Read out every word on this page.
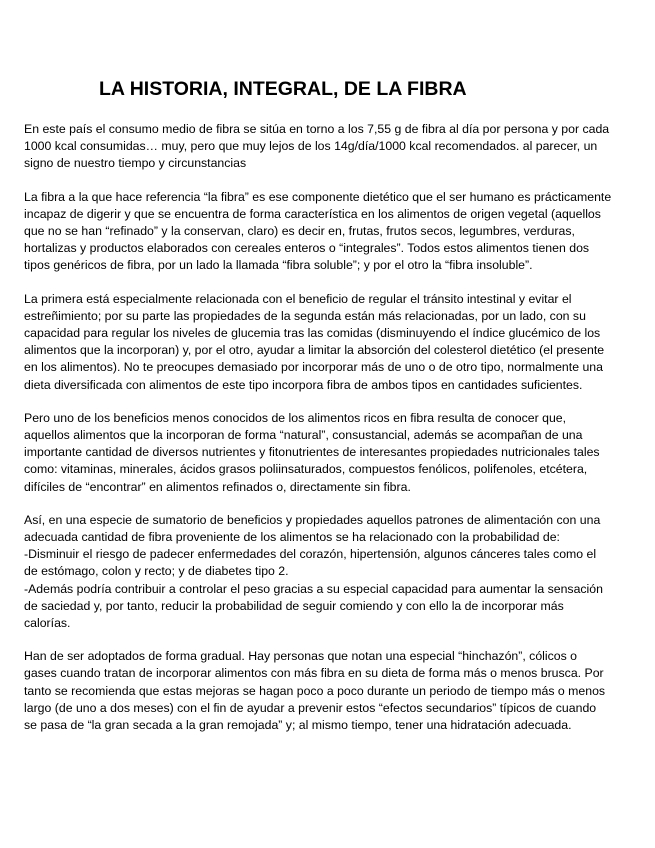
LA HISTORIA, INTEGRAL, DE LA FIBRA

En este país el consumo medio de fibra se sitúa en torno a los 7,55 g de fibra al día por persona y por cada
1000 kcal consumidas… muy, pero que muy lejos de los 14g/día/1000 kcal recomendados. al parecer, un
signo de nuestro tiempo y circunstancias

La fibra a la que hace referencia “la fibra” es ese componente dietético que el ser humano es prácticamente
incapaz de digerir y que se encuentra de forma característica en los alimentos de origen vegetal (aquellos
que no se han “refinado” y la conservan, claro) es decir en, frutas, frutos secos, legumbres, verduras,
hortalizas y productos elaborados con cereales enteros o “integrales”. Todos estos alimentos tienen dos
tipos genéricos de fibra, por un lado la llamada “fibra soluble”; y por el otro la “fibra insoluble”.

La primera está especialmente relacionada con el beneficio de regular el tránsito intestinal y evitar el
estreñimiento; por su parte las propiedades de la segunda están más relacionadas, por un lado, con su
capacidad para regular los niveles de glucemia tras las comidas (disminuyendo el índice glucémico de los
alimentos que la incorporan) y, por el otro, ayudar a limitar la absorción del colesterol dietético (el presente
en los alimentos). No te preocupes demasiado por incorporar más de uno o de otro tipo, normalmente una
dieta diversificada con alimentos de este tipo incorpora fibra de ambos tipos en cantidades suficientes.

Pero uno de los beneficios menos conocidos de los alimentos ricos en fibra resulta de conocer que,
aquellos alimentos que la incorporan de forma “natural”, consustancial, además se acompañan de una
importante cantidad de diversos nutrientes y fitonutrientes de interesantes propiedades nutricionales tales
como: vitaminas, minerales, ácidos grasos poliinsaturados, compuestos fenólicos, polifenoles, etcétera,
difíciles de “encontrar” en alimentos refinados o, directamente sin fibra.

Así, en una especie de sumatorio de beneficios y propiedades aquellos patrones de alimentación con una
adecuada cantidad de fibra proveniente de los alimentos se ha relacionado con la probabilidad de:
-Disminuir el riesgo de padecer enfermedades del corazón, hipertensión, algunos cánceres tales como el
de estómago, colon y recto; y de diabetes tipo 2.
-Además podría contribuir a controlar el peso gracias a su especial capacidad para aumentar la sensación
de saciedad y, por tanto, reducir la probabilidad de seguir comiendo y con ello la de incorporar más
calorías.

Han de ser adoptados de forma gradual. Hay personas que notan una especial “hinchazón”, cólicos o
gases cuando tratan de incorporar alimentos con más fibra en su dieta de forma más o menos brusca. Por
tanto se recomienda que estas mejoras se hagan poco a poco durante un periodo de tiempo más o menos
largo (de uno a dos meses) con el fin de ayudar a prevenir estos “efectos secundarios” típicos de cuando
se pasa de “la gran secada a la gran remojada” y; al mismo tiempo, tener una hidratación adecuada.
